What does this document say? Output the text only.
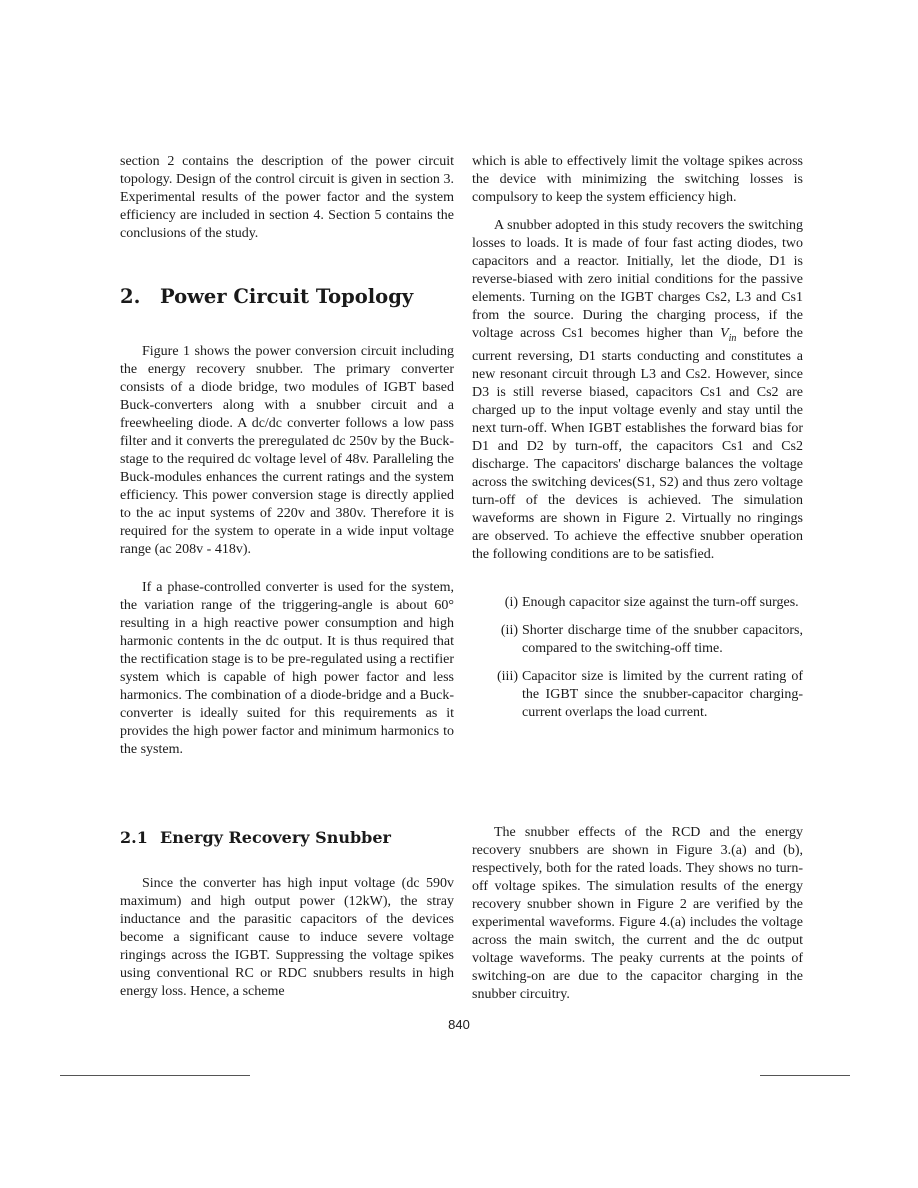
section 2 contains the description of the power circuit topology. Design of the control circuit is given in section 3. Experimental results of the power factor and the system efficiency are included in section 4. Section 5 contains the conclusions of the study.

2. Power Circuit Topology

Figure 1 shows the power conversion circuit including the energy recovery snubber. The primary converter consists of a diode bridge, two modules of IGBT based Buck-converters along with a snubber circuit and a freewheeling diode. A dc/dc converter follows a low pass filter and it converts the preregulated dc 250v by the Buck-stage to the required dc voltage level of 48v. Paralleling the Buck-modules enhances the current ratings and the system efficiency. This power conversion stage is directly applied to the ac input systems of 220v and 380v. Therefore it is required for the system to operate in a wide input voltage range (ac 208v - 418v).

If a phase-controlled converter is used for the system, the variation range of the triggering-angle is about 60° resulting in a high reactive power consumption and high harmonic contents in the dc output. It is thus required that the rectification stage is to be pre-regulated using a rectifier system which is capable of high power factor and less harmonics. The combination of a diode-bridge and a Buck-converter is ideally suited for this requirements as it provides the high power factor and minimum harmonics to the system.

2.1 Energy Recovery Snubber

Since the converter has high input voltage (dc 590v maximum) and high output power (12kW), the stray inductance and the parasitic capacitors of the devices become a significant cause to induce severe voltage ringings across the IGBT. Suppressing the voltage spikes using conventional RC or RDC snubbers results in high energy loss. Hence, a scheme

which is able to effectively limit the voltage spikes across the device with minimizing the switching losses is compulsory to keep the system efficiency high.

A snubber adopted in this study recovers the switching losses to loads. It is made of four fast acting diodes, two capacitors and a reactor. Initially, let the diode, D1 is reverse-biased with zero initial conditions for the passive elements. Turning on the IGBT charges Cs2, L3 and Cs1 from the source. During the charging process, if the voltage across Cs1 becomes higher than $V_{in}$ before the current reversing, D1 starts conducting and constitutes a new resonant circuit through L3 and Cs2. However, since D3 is still reverse biased, capacitors Cs1 and Cs2 are charged up to the input voltage evenly and stay until the next turn-off. When IGBT establishes the forward bias for D1 and D2 by turn-off, the capacitors Cs1 and Cs2 discharge. The capacitors' discharge balances the voltage across the switching devices(S1, S2) and thus zero voltage turn-off of the devices is achieved. The simulation waveforms are shown in Figure 2. Virtually no ringings are observed. To achieve the effective snubber operation the following conditions are to be satisfied.

(i) Enough capacitor size against the turn-off surges.
(ii) Shorter discharge time of the snubber capacitors, compared to the switching-off time.
(iii) Capacitor size is limited by the current rating of the IGBT since the snubber-capacitor charging-current overlaps the load current.

The snubber effects of the RCD and the energy recovery snubbers are shown in Figure 3.(a) and (b), respectively, both for the rated loads. They shows no turn-off voltage spikes. The simulation results of the energy recovery snubber shown in Figure 2 are verified by the experimental waveforms. Figure 4.(a) includes the voltage across the main switch, the current and the dc output voltage waveforms. The peaky currents at the points of switching-on are due to the capacitor charging in the snubber circuitry.

840
